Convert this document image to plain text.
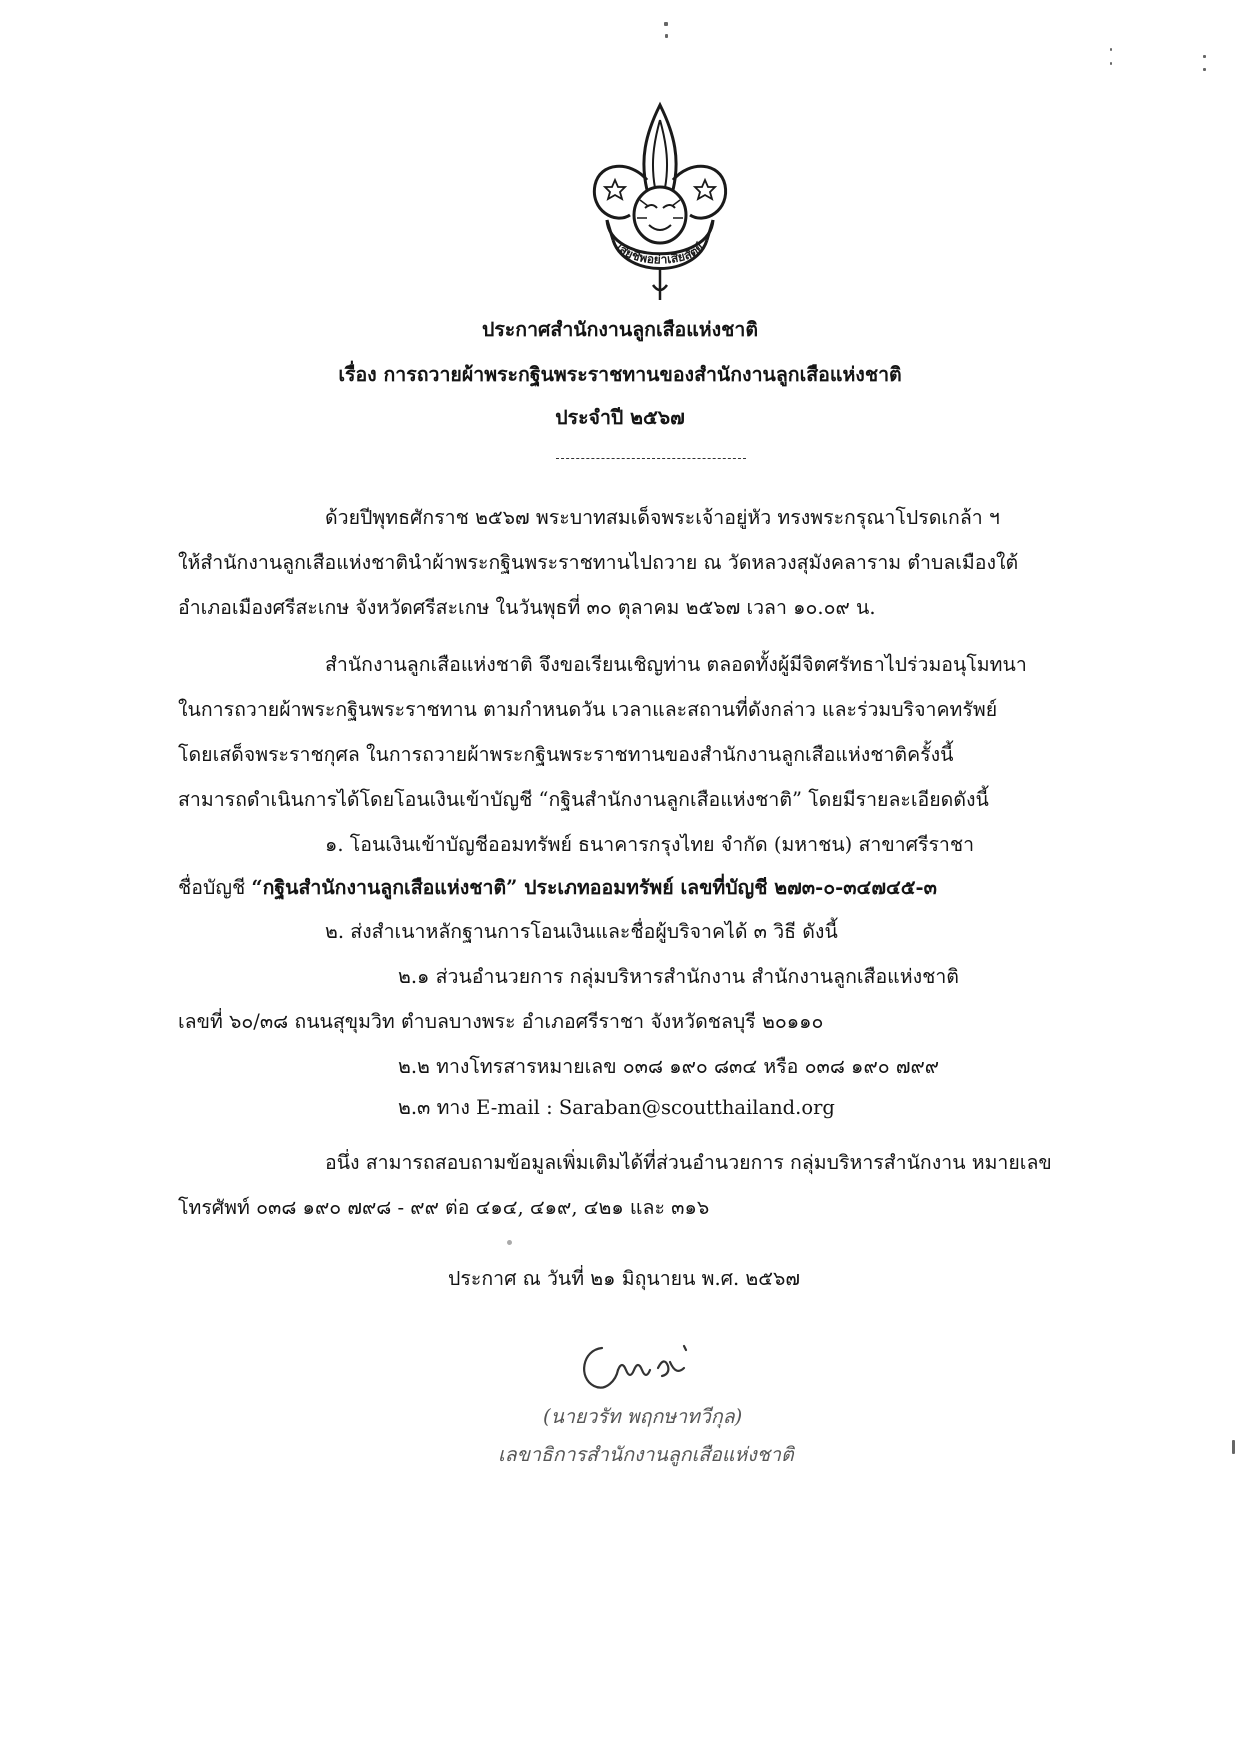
เสียชีพอย่าเสียสัตย์
ประกาศสำนักงานลูกเสือแห่งชาติ
เรื่อง การถวายผ้าพระกฐินพระราชทานของสำนักงานลูกเสือแห่งชาติ
ประจำปี ๒๕๖๗
ด้วยปีพุทธศักราช ๒๕๖๗ พระบาทสมเด็จพระเจ้าอยู่หัว ทรงพระกรุณาโปรดเกล้า ฯ
ให้สำนักงานลูกเสือแห่งชาตินำผ้าพระกฐินพระราชทานไปถวาย ณ วัดหลวงสุมังคลาราม ตำบลเมืองใต้
อำเภอเมืองศรีสะเกษ จังหวัดศรีสะเกษ ในวันพุธที่ ๓๐ ตุลาคม ๒๕๖๗ เวลา ๑๐.๐๙ น.
สำนักงานลูกเสือแห่งชาติ จึงขอเรียนเชิญท่าน ตลอดทั้งผู้มีจิตศรัทธาไปร่วมอนุโมทนา
ในการถวายผ้าพระกฐินพระราชทาน ตามกำหนดวัน เวลาและสถานที่ดังกล่าว และร่วมบริจาคทรัพย์
โดยเสด็จพระราชกุศล ในการถวายผ้าพระกฐินพระราชทานของสำนักงานลูกเสือแห่งชาติครั้งนี้
สามารถดำเนินการได้โดยโอนเงินเข้าบัญชี “กฐินสำนักงานลูกเสือแห่งชาติ” โดยมีรายละเอียดดังนี้
๑. โอนเงินเข้าบัญชีออมทรัพย์ ธนาคารกรุงไทย จำกัด (มหาชน) สาขาศรีราชา
ชื่อบัญชี “กฐินสำนักงานลูกเสือแห่งชาติ” ประเภทออมทรัพย์ เลขที่บัญชี ๒๗๓-๐-๓๔๗๔๕-๓
๒. ส่งสำเนาหลักฐานการโอนเงินและชื่อผู้บริจาคได้ ๓ วิธี ดังนี้
๒.๑ ส่วนอำนวยการ กลุ่มบริหารสำนักงาน สำนักงานลูกเสือแห่งชาติ
เลขที่ ๖๐/๓๘ ถนนสุขุมวิท ตำบลบางพระ อำเภอศรีราชา จังหวัดชลบุรี ๒๐๑๑๐
๒.๒ ทางโทรสารหมายเลข ๐๓๘ ๑๙๐ ๘๓๔ หรือ ๐๓๘ ๑๙๐ ๗๙๙
๒.๓ ทาง E-mail : Saraban@scoutthailand.org
อนึ่ง สามารถสอบถามข้อมูลเพิ่มเติมได้ที่ส่วนอำนวยการ กลุ่มบริหารสำนักงาน หมายเลข
โทรศัพท์ ๐๓๘ ๑๙๐ ๗๙๘ - ๙๙ ต่อ ๔๑๔, ๔๑๙, ๔๒๑ และ ๓๑๖
ประกาศ ณ วันที่ ๒๑ มิถุนายน พ.ศ. ๒๕๖๗
(นายวรัท พฤกษาทวีกุล)
เลขาธิการสำนักงานลูกเสือแห่งชาติ
